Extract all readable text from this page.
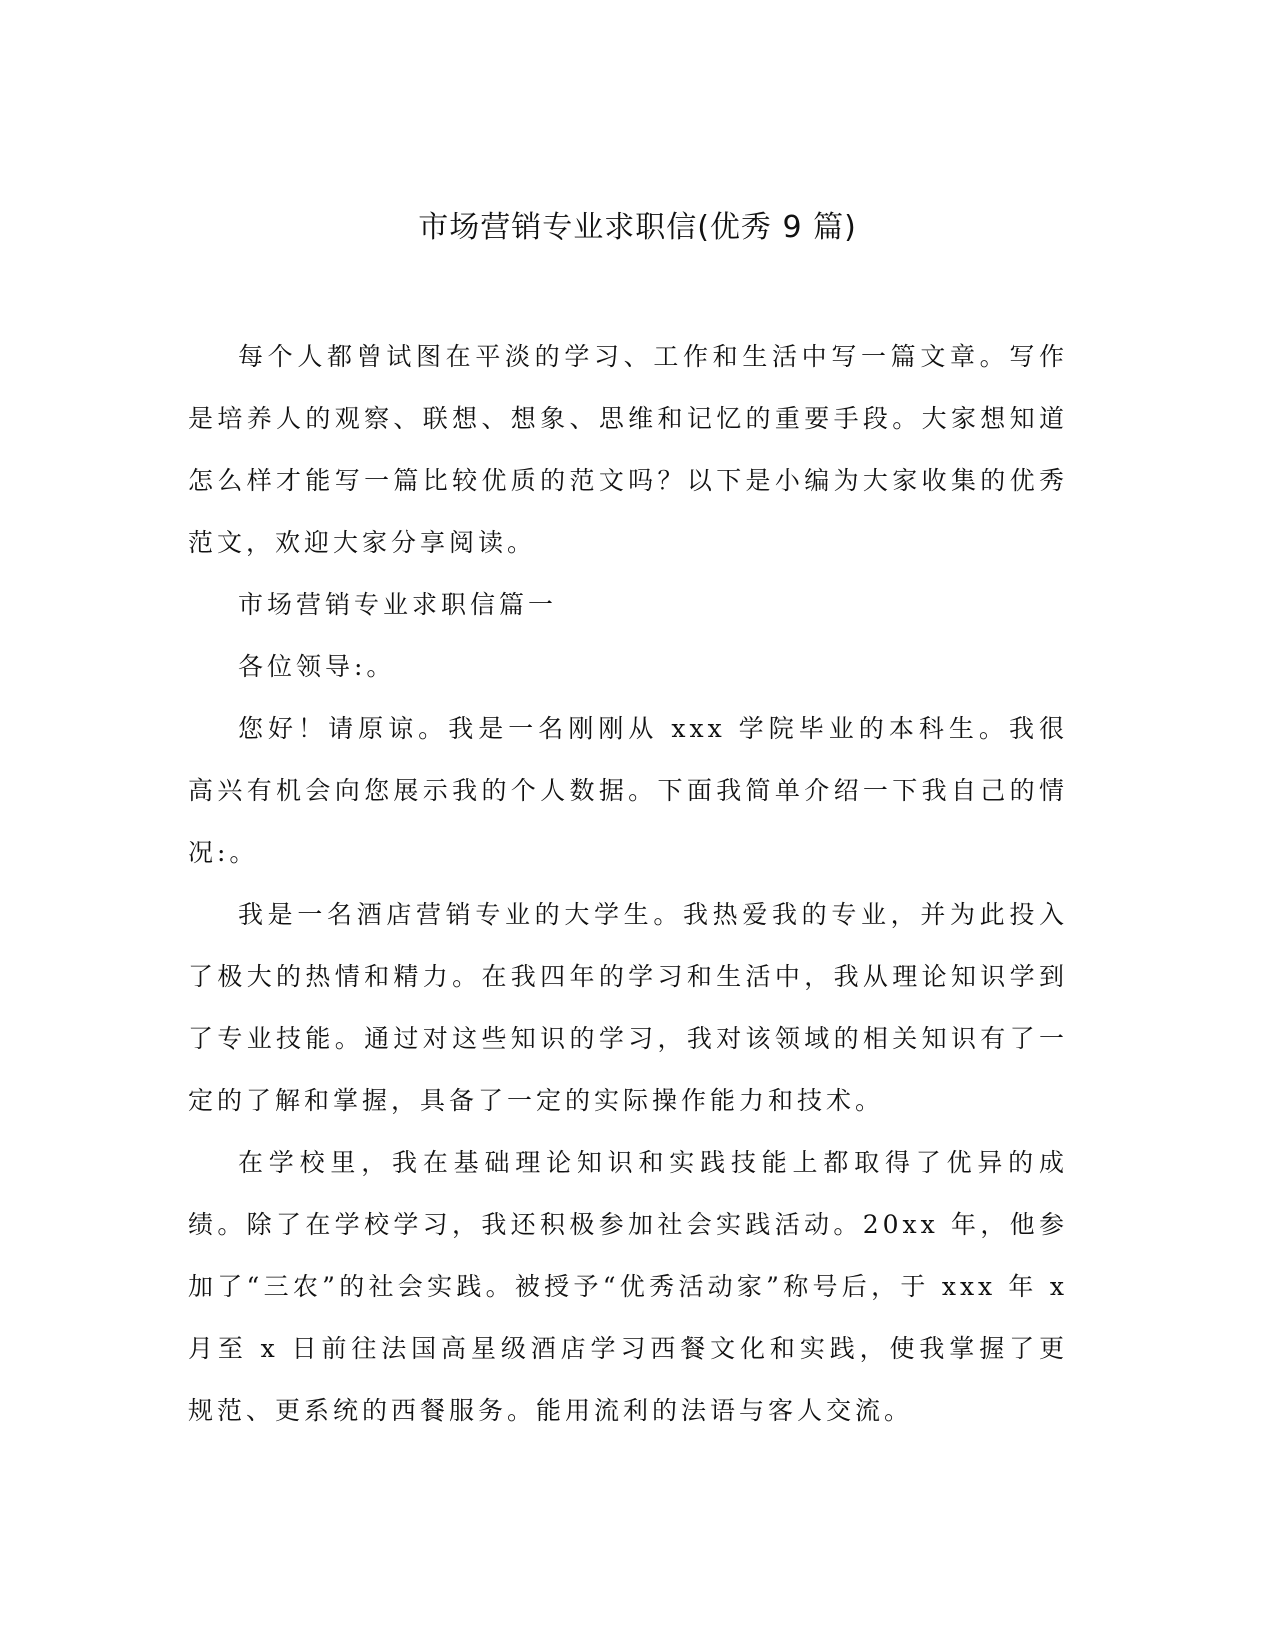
市场营销专业求职信(优秀 9 篇)

每个人都曾试图在平淡的学习、工作和生活中写一篇文章。写作是培养人的观察、联想、想象、思维和记忆的重要手段。大家想知道怎么样才能写一篇比较优质的范文吗？以下是小编为大家收集的优秀范文，欢迎大家分享阅读。

市场营销专业求职信篇一

各位领导:。

您好！请原谅。我是一名刚刚从 xxx 学院毕业的本科生。我很高兴有机会向您展示我的个人数据。下面我简单介绍一下我自己的情况:。

我是一名酒店营销专业的大学生。我热爱我的专业，并为此投入了极大的热情和精力。在我四年的学习和生活中，我从理论知识学到了专业技能。通过对这些知识的学习，我对该领域的相关知识有了一定的了解和掌握，具备了一定的实际操作能力和技术。

在学校里，我在基础理论知识和实践技能上都取得了优异的成绩。除了在学校学习，我还积极参加社会实践活动。20xx 年，他参加了“三农”的社会实践。被授予“优秀活动家”称号后，于 xxx 年 x 月至 x 日前往法国高星级酒店学习西餐文化和实践，使我掌握了更规范、更系统的西餐服务。能用流利的法语与客人交流。
